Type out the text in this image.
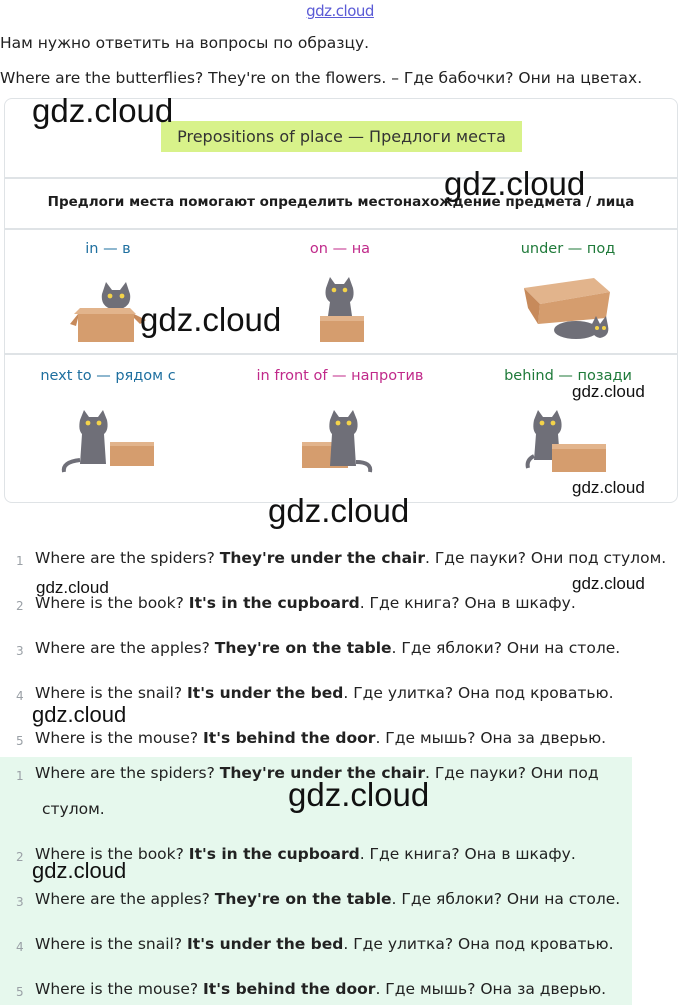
gdz.cloud
Нам нужно ответить на вопросы по образцу.
Where are the butterflies? They're on the flowers. – Где бабочки? Они на цветах.
Prepositions of place — Предлоги места
Предлоги места помогают определить местонахождение предмета / лица
in — в	on — на	under — под
next to — рядом с	in front of — напротив	behind — позади
1 Where are the spiders? They're under the chair. Где пауки? Они под стулом.
2 Where is the book? It's in the cupboard. Где книга? Она в шкафу.
3 Where are the apples? They're on the table. Где яблоки? Они на столе.
4 Where is the snail? It's under the bed. Где улитка? Она под кроватью.
5 Where is the mouse? It's behind the door. Где мышь? Она за дверью.
1 Where are the spiders? They're under the chair. Где пауки? Они под
стулом.
2 Where is the book? It's in the cupboard. Где книга? Она в шкафу.
3 Where are the apples? They're on the table. Где яблоки? Они на столе.
4 Where is the snail? It's under the bed. Где улитка? Она под кроватью.
5 Where is the mouse? It's behind the door. Где мышь? Она за дверью.
gdz.cloud
gdz.cloud
gdz.cloud
gdz.cloud
gdz.cloud
gdz.cloud
gdz.cloud	gdz.cloud
gdz.cloud
gdz.cloud
gdz.cloud
